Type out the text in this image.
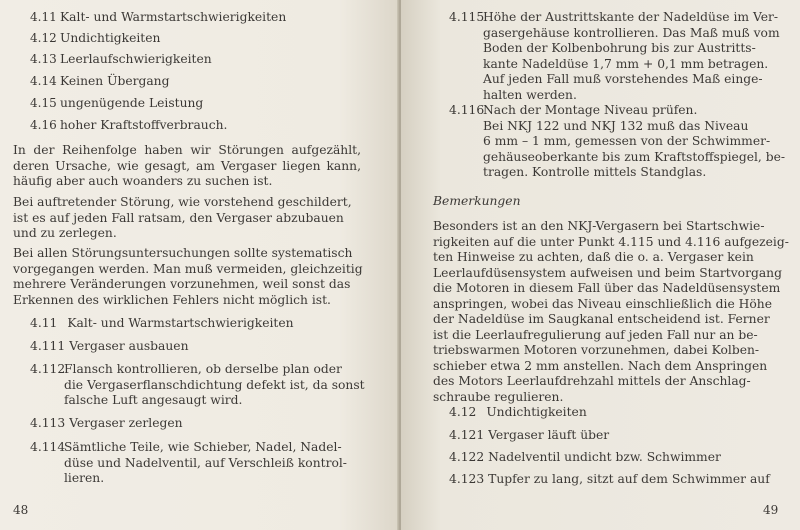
4.11 Kalt- und Warmstartschwierigkeiten
4.12 Undichtigkeiten
4.13 Leerlaufschwierigkeiten
4.14 Keinen Übergang
4.15 ungenügende Leistung
4.16 hoher Kraftstoffverbrauch.
In der Reihenfolge haben wir Störungen aufgezählt,
deren Ursache, wie gesagt, am Vergaser liegen kann,
häufig aber auch woanders zu suchen ist.
Bei auftretender Störung, wie vorstehend geschildert,
ist es auf jeden Fall ratsam, den Vergaser abzubauen
und zu zerlegen.
Bei allen Störungsuntersuchungen sollte systematisch
vorgegangen werden. Man muß vermeiden, gleichzeitig
mehrere Veränderungen vorzunehmen, weil sonst das
Erkennen des wirklichen Fehlers nicht möglich ist.
4.11 Kalt- und Warmstartschwierigkeiten
4.111 Vergaser ausbauen
4.112
Flansch kontrollieren, ob derselbe plan oder
die Vergaserflanschdichtung defekt ist, da sonst
falsche Luft angesaugt wird.
4.113 Vergaser zerlegen
4.114
Sämtliche Teile, wie Schieber, Nadel, Nadel-
düse und Nadelventil, auf Verschleiß kontrol-
lieren.
48
4.115
Höhe der Austrittskante der Nadeldüse im Ver-
gasergehäuse kontrollieren. Das Maß muß vom
Boden der Kolbenbohrung bis zur Austritts-
kante Nadeldüse 1,7 mm + 0,1 mm betragen.
Auf jeden Fall muß vorstehendes Maß einge-
halten werden.
4.116
Nach der Montage Niveau prüfen.
Bei NKJ 122 und NKJ 132 muß das Niveau
6 mm – 1 mm, gemessen von der Schwimmer-
gehäuseoberkante bis zum Kraftstoffspiegel, be-
tragen. Kontrolle mittels Standglas.
Bemerkungen
Besonders ist an den NKJ-Vergasern bei Startschwie-
rigkeiten auf die unter Punkt 4.115 und 4.116 aufgezeig-
ten Hinweise zu achten, daß die o. a. Vergaser kein
Leerlaufdüsensystem aufweisen und beim Startvorgang
die Motoren in diesem Fall über das Nadeldüsensystem
anspringen, wobei das Niveau einschließlich die Höhe
der Nadeldüse im Saugkanal entscheidend ist. Ferner
ist die Leerlaufregulierung auf jeden Fall nur an be-
triebswarmen Motoren vorzunehmen, dabei Kolben-
schieber etwa 2 mm anstellen. Nach dem Anspringen
des Motors Leerlaufdrehzahl mittels der Anschlag-
schraube regulieren.
4.12 Undichtigkeiten
4.121 Vergaser läuft über
4.122 Nadelventil undicht bzw. Schwimmer
4.123 Tupfer zu lang, sitzt auf dem Schwimmer auf
49
